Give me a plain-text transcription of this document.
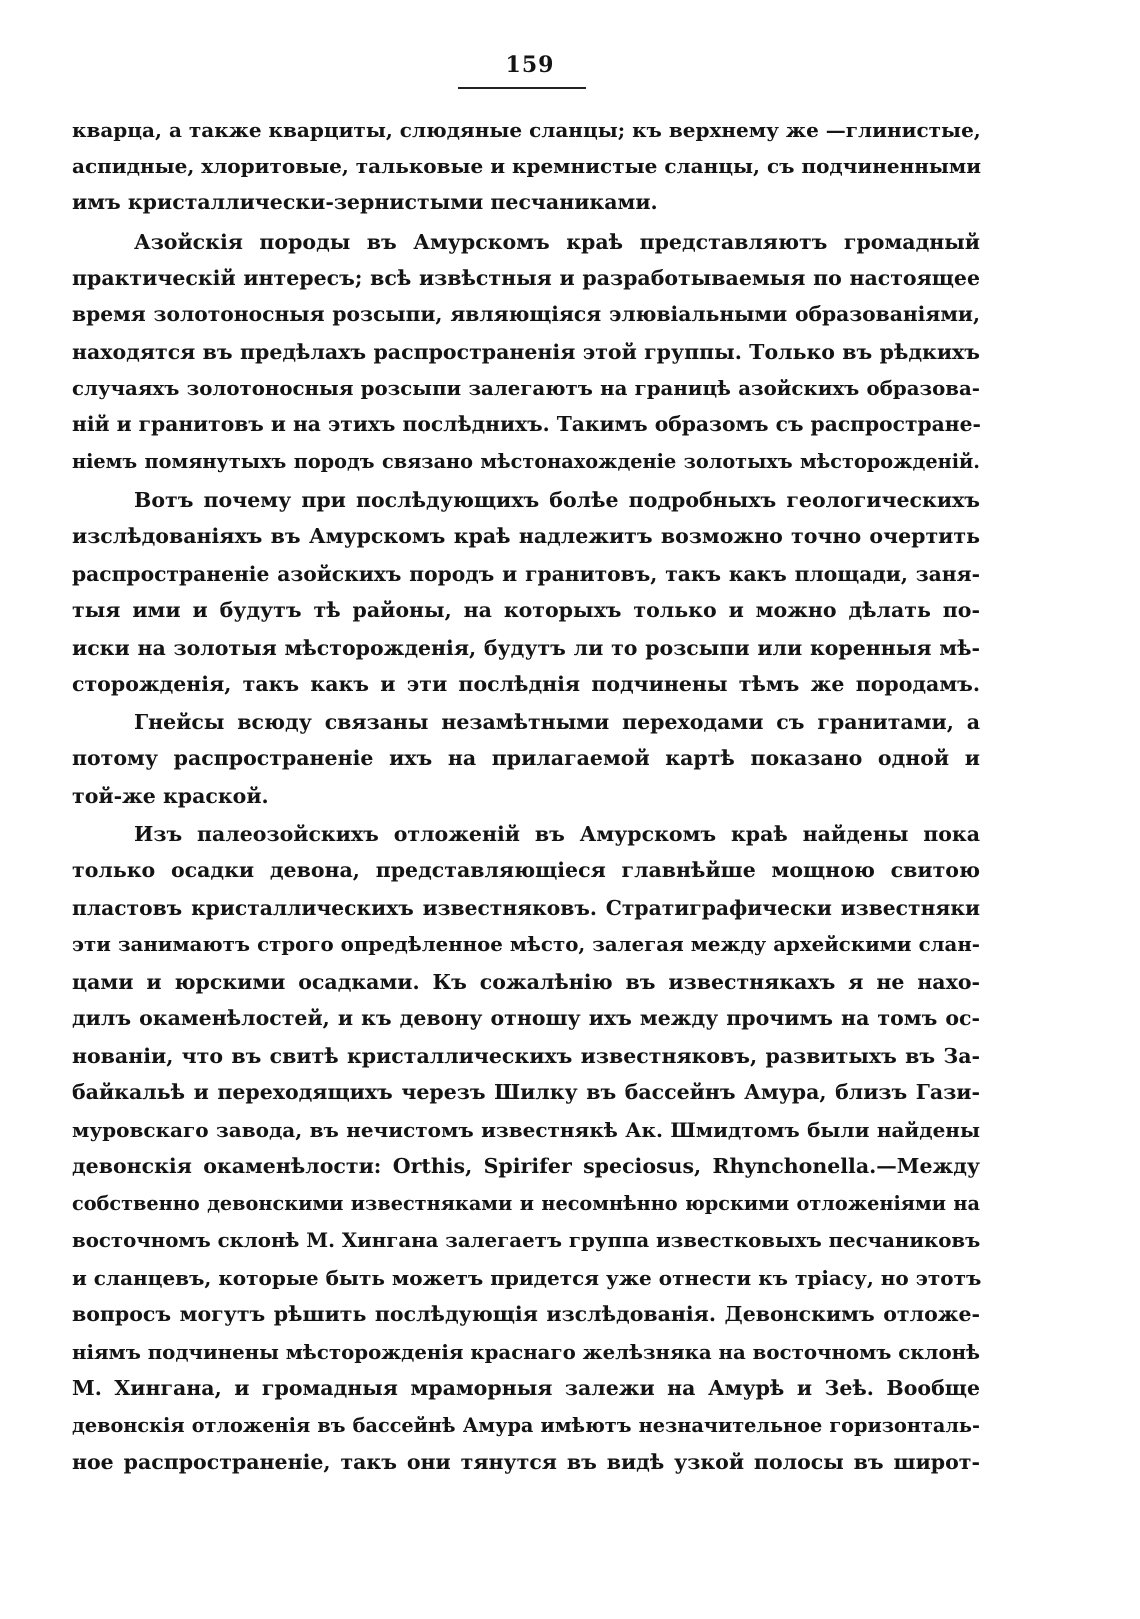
159
кварца, а также кварциты, слюдяные сланцы; къ верхнему же —глинистые,
аспидные, хлоритовые, тальковые и кремнистые сланцы, съ подчиненными
имъ кристаллически-зернистыми песчаниками.
Азойскія породы въ Амурскомъ краѣ представляютъ громадный
практическій интересъ; всѣ извѣстныя и разработываемыя по настоящее
время золотоносныя розсыпи, являющіяся элювіальными образованіями,
находятся въ предѣлахъ распространенія этой группы. Только въ рѣдкихъ
случаяхъ золотоносныя розсыпи залегаютъ на границѣ азойскихъ образова-
ній и гранитовъ и на этихъ послѣднихъ. Такимъ образомъ съ распростране-
ніемъ помянутыхъ породъ связано мѣстонахожденіе золотыхъ мѣсторожденій.
Вотъ почему при послѣдующихъ болѣе подробныхъ геологическихъ
изслѣдованіяхъ въ Амурскомъ краѣ надлежитъ возможно точно очертить
распространеніе азойскихъ породъ и гранитовъ, такъ какъ площади, заня-
тыя ими и будутъ тѣ районы, на которыхъ только и можно дѣлать по-
иски на золотыя мѣсторожденія, будутъ ли то розсыпи или коренныя мѣ-
сторожденія, такъ какъ и эти послѣднія подчинены тѣмъ же породамъ.
Гнейсы всюду связаны незамѣтными переходами съ гранитами, а
потому распространеніе ихъ на прилагаемой картѣ показано одной и
той-же краской.
Изъ палеозойскихъ отложеній въ Амурскомъ краѣ найдены пока
только осадки девона, представляющіеся главнѣйше мощною свитою
пластовъ кристаллическихъ известняковъ. Стратиграфически известняки
эти занимаютъ строго опредѣленное мѣсто, залегая между архейскими слан-
цами и юрскими осадками. Къ сожалѣнію въ известнякахъ я не нахо-
дилъ окаменѣлостей, и къ девону отношу ихъ между прочимъ на томъ ос-
нованіи, что въ свитѣ кристаллическихъ известняковъ, развитыхъ въ За-
байкальѣ и переходящихъ черезъ Шилку въ бассейнъ Амура, близъ Гази-
муровскаго завода, въ нечистомъ известнякѣ Ак. Шмидтомъ были найдены
девонскія окаменѣлости: Orthis, Spirifer speciosus, Rhynchonella.—Между
собственно девонскими известняками и несомнѣнно юрскими отложеніями на
восточномъ склонѣ М. Хингана залегаетъ группа известковыхъ песчаниковъ
и сланцевъ, которые быть можетъ придется уже отнести къ тріасу, но этотъ
вопросъ могутъ рѣшить послѣдующія изслѣдованія. Девонскимъ отложе-
ніямъ подчинены мѣсторожденія краснаго желѣзняка на восточномъ склонѣ
М. Хингана, и громадныя мраморныя залежи на Амурѣ и Зеѣ. Вообще
девонскія отложенія въ бассейнѣ Амура имѣютъ незначительное горизонталь-
ное распространеніе, такъ они тянутся въ видѣ узкой полосы въ широт-
